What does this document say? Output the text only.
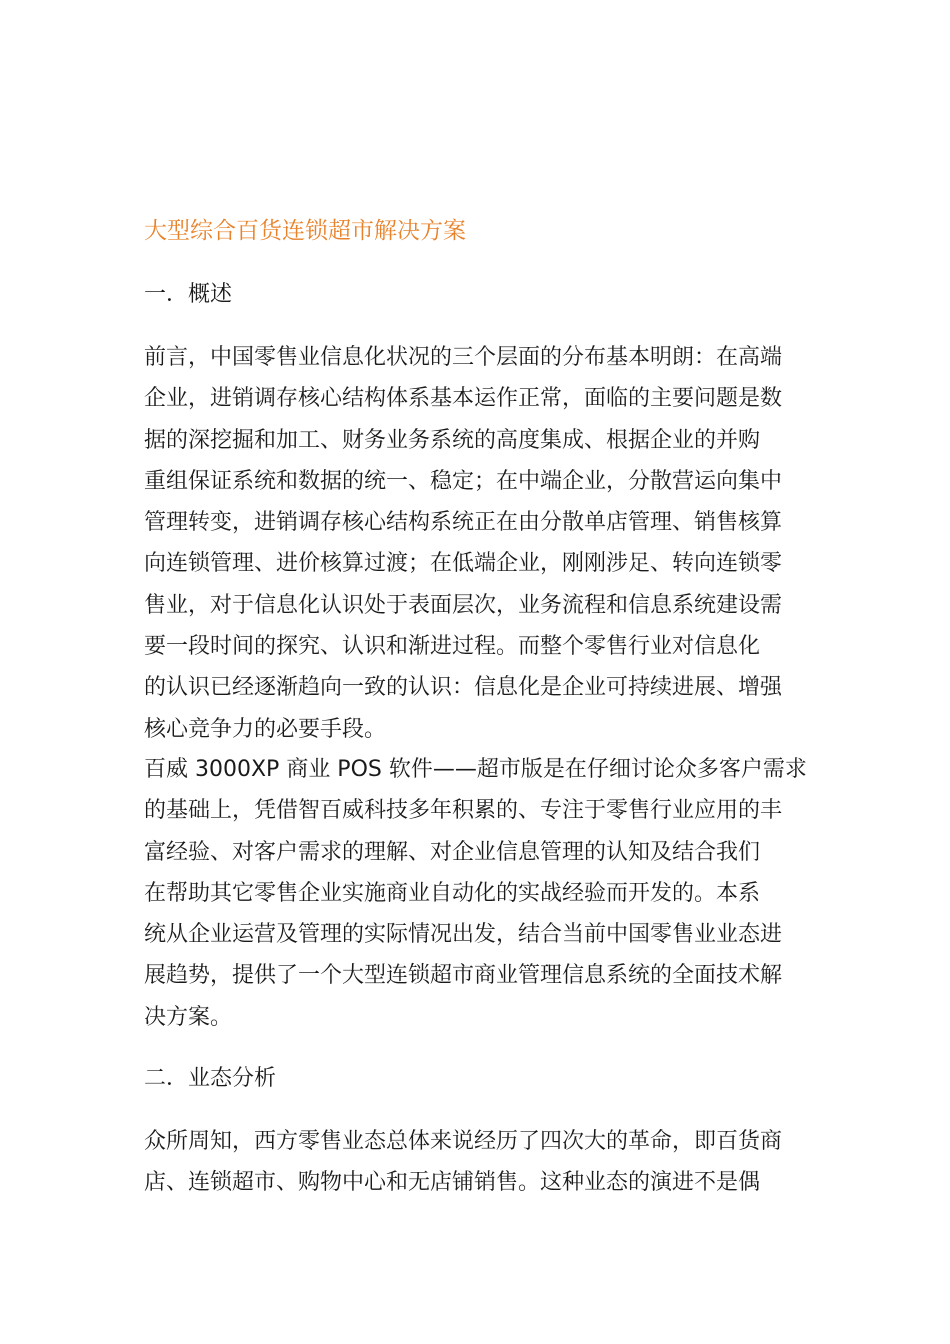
大型综合百货连锁超市解决方案
一．概述
前言，中国零售业信息化状况的三个层面的分布基本明朗：在高端
企业，进销调存核心结构体系基本运作正常，面临的主要问题是数
据的深挖掘和加工、财务业务系统的高度集成、根据企业的并购
重组保证系统和数据的统一、稳定；在中端企业，分散营运向集中
管理转变，进销调存核心结构系统正在由分散单店管理、销售核算
向连锁管理、进价核算过渡；在低端企业，刚刚涉足、转向连锁零
售业，对于信息化认识处于表面层次，业务流程和信息系统建设需
要一段时间的探究、认识和渐进过程。而整个零售行业对信息化
的认识已经逐渐趋向一致的认识：信息化是企业可持续进展、增强
核心竞争力的必要手段。
百威 3000XP 商业 POS 软件——超市版是在仔细讨论众多客户需求
的基础上，凭借智百威科技多年积累的、专注于零售行业应用的丰
富经验、对客户需求的理解、对企业信息管理的认知及结合我们
在帮助其它零售企业实施商业自动化的实战经验而开发的。本系
统从企业运营及管理的实际情况出发，结合当前中国零售业业态进
展趋势，提供了一个大型连锁超市商业管理信息系统的全面技术解
决方案。
二．业态分析
众所周知，西方零售业态总体来说经历了四次大的革命，即百货商
店、连锁超市、购物中心和无店铺销售。这种业态的演进不是偶
